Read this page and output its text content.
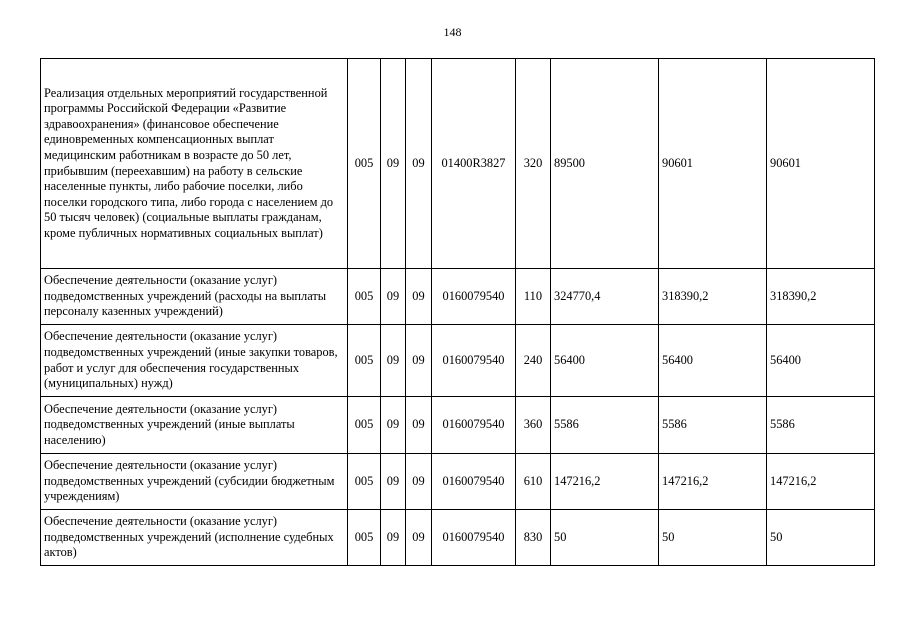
148
Реализация отдельных мероприятий государственной программы Российской Федерации «Развитие здравоохранения» (финансовое обеспечение единовременных компенсационных выплат медицинским работникам в возрасте до 50 лет, прибывшим (переехавшим) на работу в сельские населенные пункты, либо рабочие поселки, либо поселки городского типа, либо города с населением до 50 тысяч человек) (социальные выплаты гражданам, кроме публичных нормативных социальных выплат)	005	09	09	01400R3827	320	89500	90601	90601
Обеспечение деятельности (оказание услуг) подведомственных учреждений (расходы на выплаты персоналу казенных учреждений)	005	09	09	0160079540	110	324770,4	318390,2	318390,2
Обеспечение деятельности (оказание услуг) подведомственных учреждений (иные закупки товаров, работ и услуг для обеспечения государственных (муниципальных) нужд)	005	09	09	0160079540	240	56400	56400	56400
Обеспечение деятельности (оказание услуг) подведомственных учреждений (иные выплаты населению)	005	09	09	0160079540	360	5586	5586	5586
Обеспечение деятельности (оказание услуг) подведомственных учреждений (субсидии бюджетным учреждениям)	005	09	09	0160079540	610	147216,2	147216,2	147216,2
Обеспечение деятельности (оказание услуг) подведомственных учреждений (исполнение судебных актов)	005	09	09	0160079540	830	50	50	50
